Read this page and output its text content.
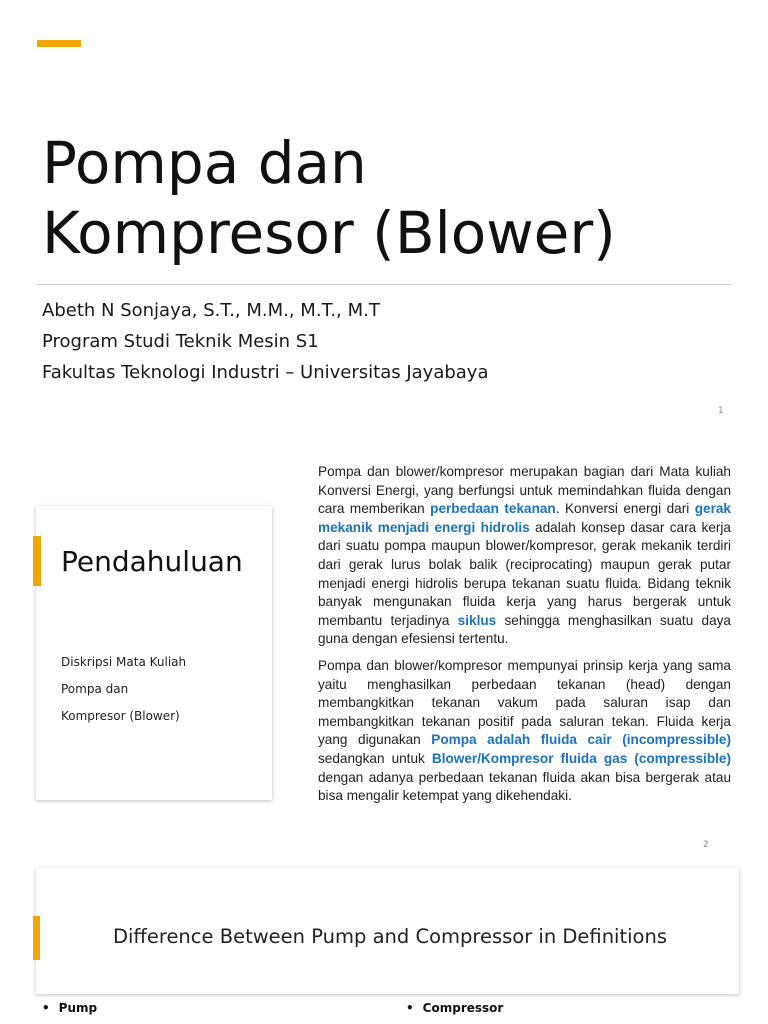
Pompa dan
Kompresor (Blower)
Abeth N Sonjaya, S.T., M.M., M.T., M.T
Program Studi Teknik Mesin S1
Fakultas Teknologi Industri – Universitas Jayabaya
1
Pendahuluan
Diskripsi Mata Kuliah
Pompa dan
Kompresor (Blower)

Pompa dan blower/kompresor merupakan bagian dari Mata kuliah Konversi Energi, yang berfungsi untuk memindahkan fluida dengan cara memberikan perbedaan tekanan. Konversi energi dari gerak mekanik menjadi energi hidrolis adalah konsep dasar cara kerja dari suatu pompa maupun blower/kompresor, gerak mekanik terdiri dari gerak lurus bolak balik (reciprocating) maupun gerak putar menjadi energi hidrolis berupa tekanan suatu fluida. Bidang teknik banyak mengunakan fluida kerja yang harus bergerak untuk membantu terjadinya siklus sehingga menghasilkan suatu daya guna dengan efesiensi tertentu.

Pompa dan blower/kompresor mempunyai prinsip kerja yang sama yaitu menghasilkan perbedaan tekanan (head) dengan membangkitkan tekanan vakum pada saluran isap dan membangkitkan tekanan positif pada saluran tekan. Fluida kerja yang digunakan Pompa adalah fluida cair (incompressible) sedangkan untuk Blower/Kompresor fluida gas (compressible) dengan adanya perbedaan tekanan fluida akan bisa bergerak atau bisa mengalir ketempat yang dikehendaki.

2
Difference Between Pump and Compressor in Definitions
• Pump	• Compressor
